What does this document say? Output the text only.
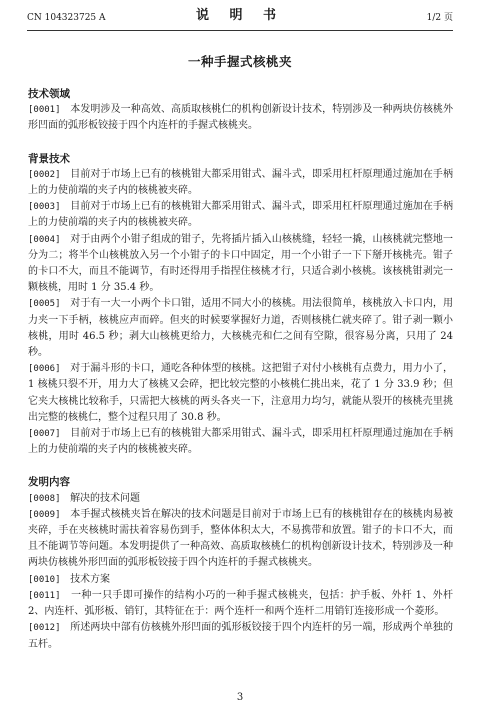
CN 104323725 A	说 明 书	1/2 页
一种手握式核桃夹
技术领域

[0001] 本发明涉及一种高效、高质取核桃仁的机构创新设计技术，特别涉及一种两块仿核桃外形凹面的弧形板铰接于四个内连杆的手握式核桃夹。

背景技术

[0002] 目前对于市场上已有的核桃钳大都采用钳式、漏斗式，即采用杠杆原理通过施加在手柄上的力使前端的夹子内的核桃被夹碎。

[0003] 目前对于市场上已有的核桃钳大都采用钳式、漏斗式，即采用杠杆原理通过施加在手柄上的力使前端的夹子内的核桃被夹碎。

[0004] 对于由两个小钳子组成的钳子，先将插片插入山核桃缝，轻轻一撬，山核桃就完整地一分为二；将半个山核桃放入另一个小钳子的卡口中固定，用一个小钳子一下下掰开核桃壳。钳子的卡口不大，而且不能调节，有时还得用手指捏住核桃才行，只适合剥小核桃。该核桃钳剥完一颗核桃，用时 1 分 35.4 秒。

[0005] 对于有一大一小两个卡口钳，适用不同大小的核桃。用法很简单，核桃放入卡口内，用力夹一下手柄，核桃应声而碎。但夹的时候要掌握好力道，否则核桃仁就夹碎了。钳子剥一颗小核桃，用时 46.5 秒；剥大山核桃更给力，大核桃壳和仁之间有空隙，很容易分离，只用了 24 秒。

[0006] 对于漏斗形的卡口，通吃各种体型的核桃。这把钳子对付小核桃有点费力，用力小了，1 核桃只裂不开，用力大了核桃又会碎，把比较完整的小核桃仁挑出来，花了 1 分 33.9 秒；但它夹大核桃比较称手，只需把大核桃的两头各夹一下，注意用力均匀，就能从裂开的核桃壳里挑出完整的核桃仁，整个过程只用了 30.8 秒。

[0007] 目前对于市场上已有的核桃钳大都采用钳式、漏斗式，即采用杠杆原理通过施加在手柄上的力使前端的夹子内的核桃被夹碎。

发明内容

[0008] 解决的技术问题

[0009] 本手握式核桃夹旨在解决的技术问题是目前对于市场上已有的核桃钳存在的核桃肉易被夹碎，手在夹核桃时需扶着容易伤到手，整体体积太大，不易携带和放置。钳子的卡口不大，而且不能调节等问题。本发明提供了一种高效、高质取核桃仁的机构创新设计技术，特别涉及一种两块仿核桃外形凹面的弧形板铰接于四个内连杆的手握式核桃夹。

[0010] 技术方案

[0011] 一种一只手即可操作的结构小巧的一种手握式核桃夹，包括：护手板、外杆 1、外杆 2、内连杆、弧形板、销钉，其特征在于：两个连杆一和两个连杆二用销钉连接形成一个菱形。

[0012] 所述两块中部有仿核桃外形凹面的弧形板铰接于四个内连杆的另一端，形成两个单独的五杆。

3
